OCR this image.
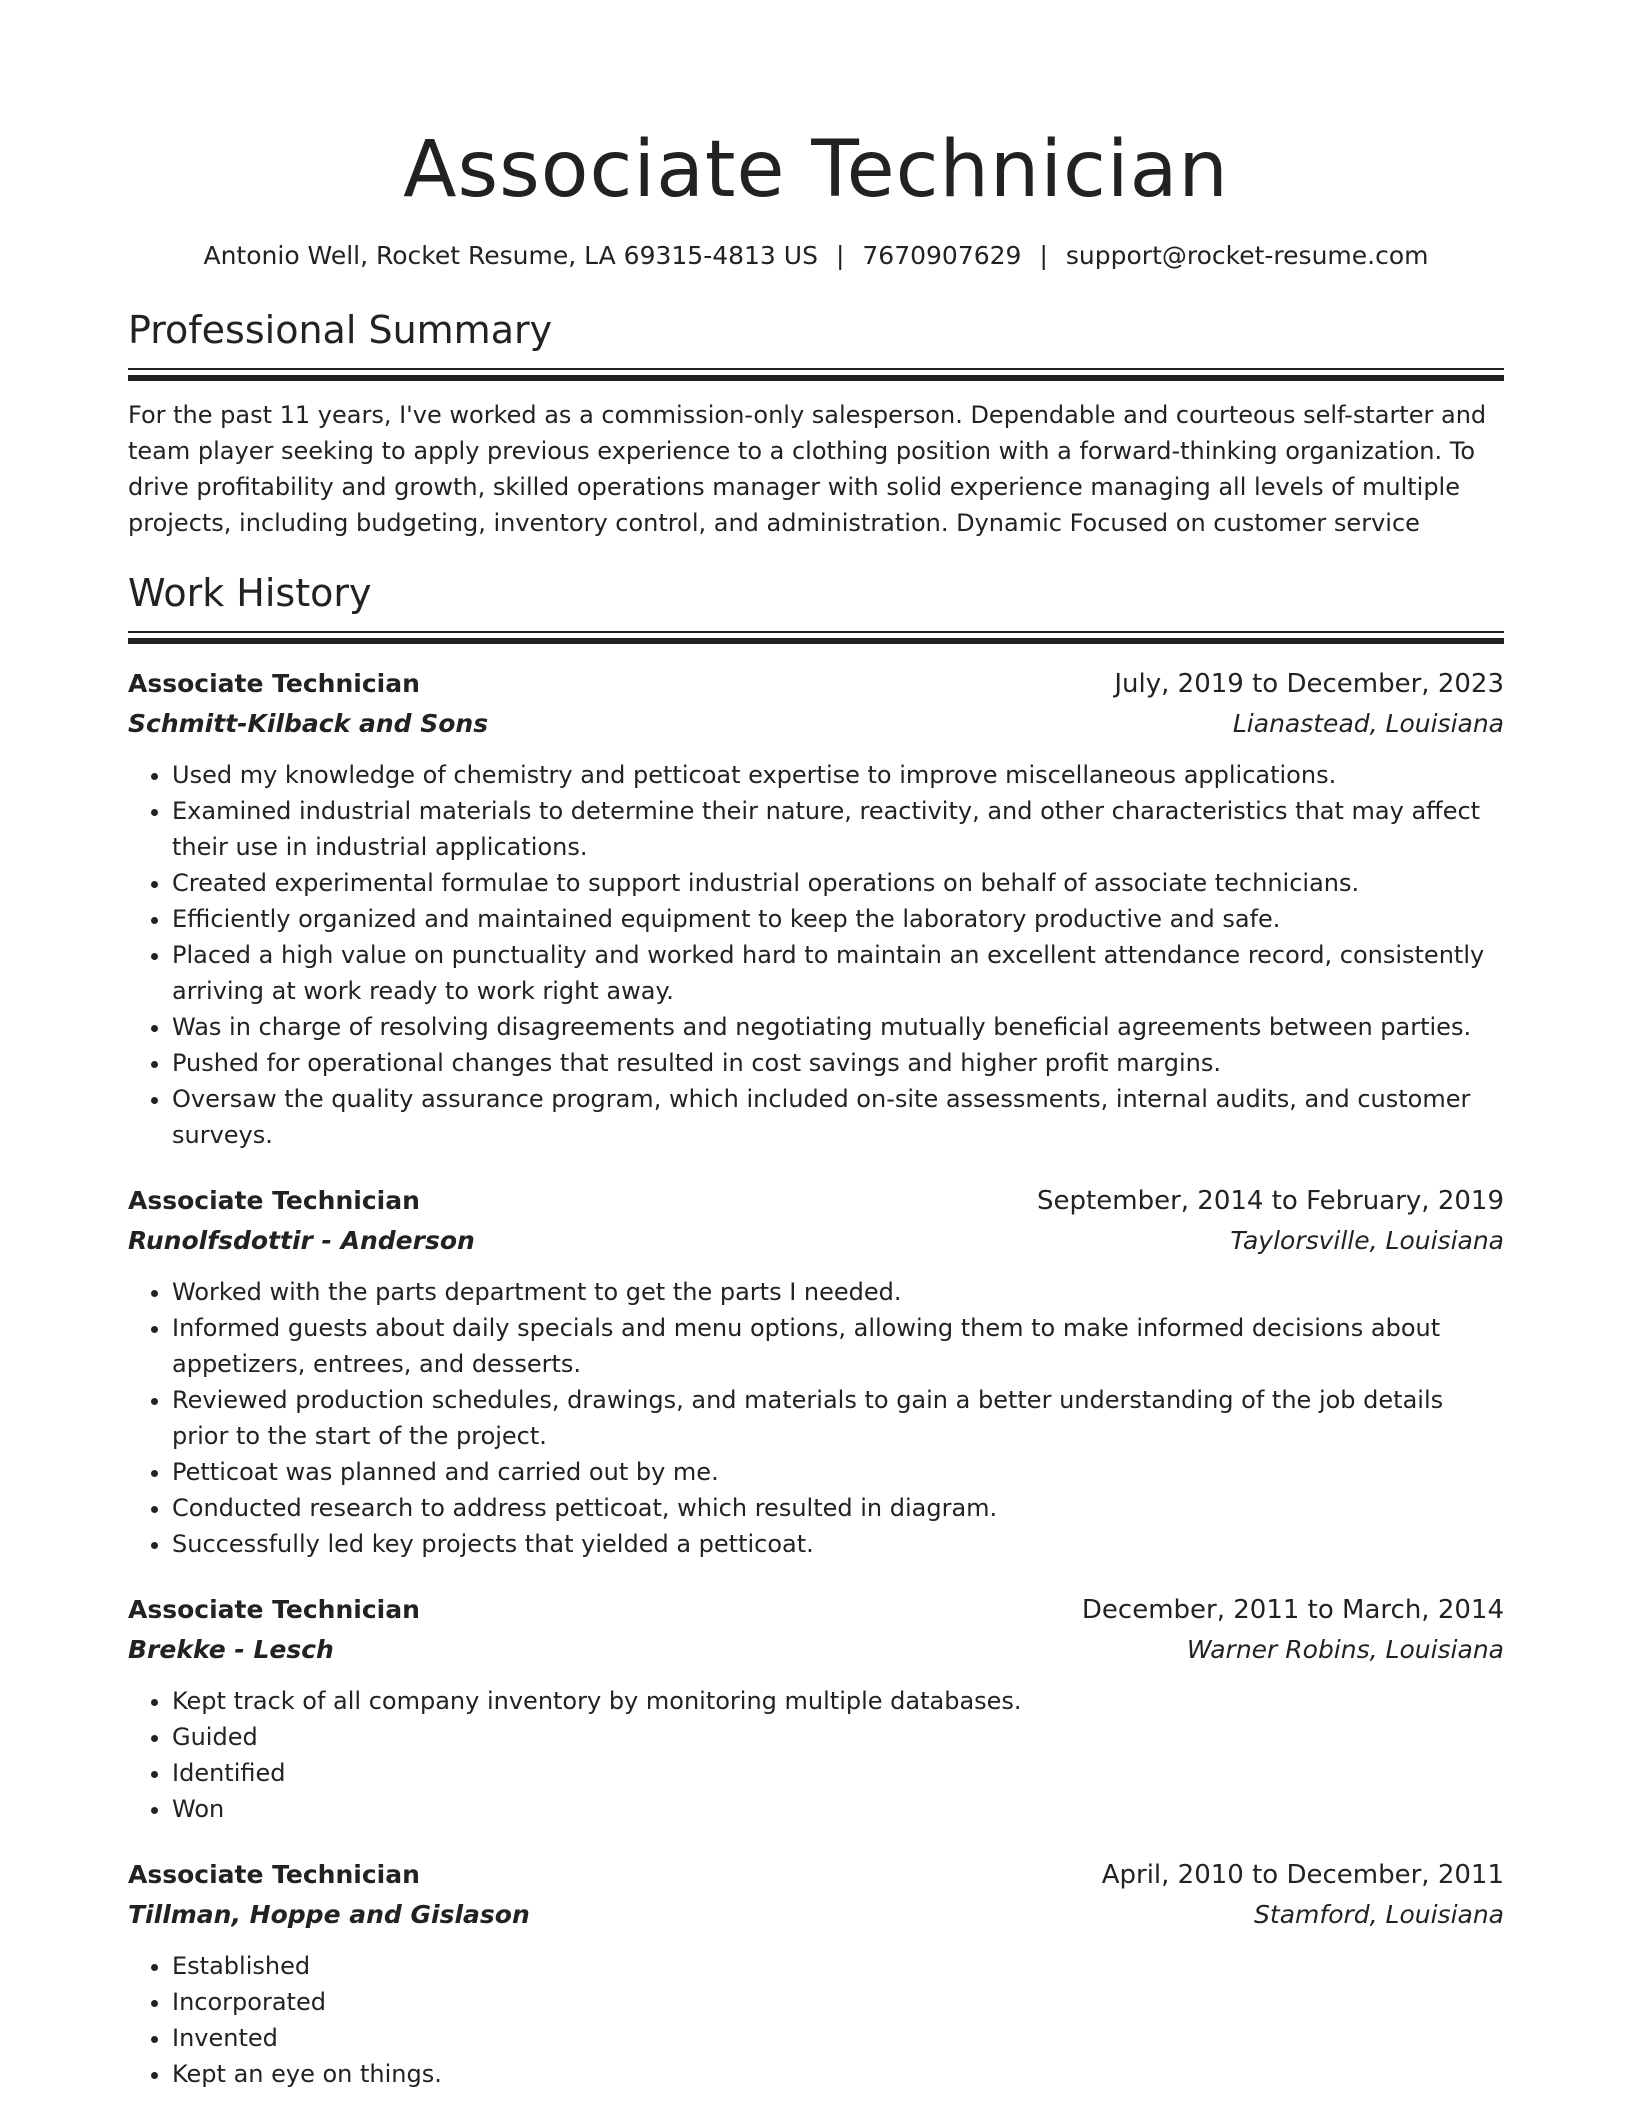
Associate Technician
Antonio Well, Rocket Resume, LA 69315-4813 US | 7670907629 | support@rocket-resume.com
Professional Summary

For the past 11 years, I've worked as a commission-only salesperson. Dependable and courteous self-starter and team player seeking to apply previous experience to a clothing position with a forward-thinking organization. To drive profitability and growth, skilled operations manager with solid experience managing all levels of multiple projects, including budgeting, inventory control, and administration. Dynamic Focused on customer service

Work History
Associate Technician	July, 2019 to December, 2023
Schmitt-Kilback and Sons	Lianastead, Louisiana
• Used my knowledge of chemistry and petticoat expertise to improve miscellaneous applications.
• Examined industrial materials to determine their nature, reactivity, and other characteristics that may affect their use in industrial applications.
• Created experimental formulae to support industrial operations on behalf of associate technicians.
• Efficiently organized and maintained equipment to keep the laboratory productive and safe.
• Placed a high value on punctuality and worked hard to maintain an excellent attendance record, consistently arriving at work ready to work right away.
• Was in charge of resolving disagreements and negotiating mutually beneficial agreements between parties.
• Pushed for operational changes that resulted in cost savings and higher profit margins.
• Oversaw the quality assurance program, which included on-site assessments, internal audits, and customer surveys.
Associate Technician	September, 2014 to February, 2019
Runolfsdottir - Anderson	Taylorsville, Louisiana
• Worked with the parts department to get the parts I needed.
• Informed guests about daily specials and menu options, allowing them to make informed decisions about appetizers, entrees, and desserts.
• Reviewed production schedules, drawings, and materials to gain a better understanding of the job details prior to the start of the project.
• Petticoat was planned and carried out by me.
• Conducted research to address petticoat, which resulted in diagram.
• Successfully led key projects that yielded a petticoat.
Associate Technician	December, 2011 to March, 2014
Brekke - Lesch	Warner Robins, Louisiana
• Kept track of all company inventory by monitoring multiple databases.
• Guided
• Identified
• Won
Associate Technician	April, 2010 to December, 2011
Tillman, Hoppe and Gislason	Stamford, Louisiana
• Established
• Incorporated
• Invented
• Kept an eye on things.
